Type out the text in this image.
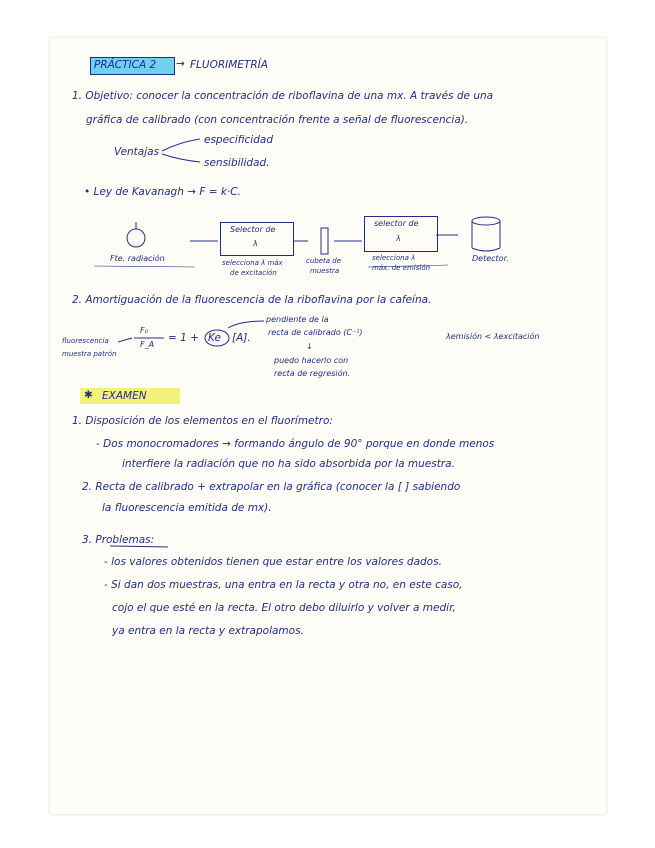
PRÁCTICA 2 → FLUORIMETRÍA
1. Objetivo: conocer la concentración de riboflavina de una mx. A través de una
gráfica de calibrado (con concentración frente a señal de fluorescencia).
Ventajas
especificidad
sensibilidad.
• Ley de Kavanagh → F = k·C.
Selector de
λ
selector de
λ
Fte. radiación	selecciona λ máx
de excitación
cubeta de
muestra
selecciona λ
máx. de emisión
Detector.
2. Amortiguación de la fluorescencia de la riboflavina por la cafeína.
fluorescencia
muestra patrón
F₀
F_A
= 1 + Ke [A].
pendiente de la
recta de calibrado (C⁻¹)
↓
puedo hacerlo con
recta de regresión.
λemisión < λexcitación
✱ EXAMEN
1. Disposición de los elementos en el fluorímetro:
- Dos monocromadores → formando ángulo de 90° porque en donde menos
interfiere la radiación que no ha sido absorbida por la muestra.
2. Recta de calibrado + extrapolar en la gráfica (conocer la [ ] sabiendo
la fluorescencia emitida de mx).
3. Problemas:
- los valores obtenidos tienen que estar entre los valores dados.
- Si dan dos muestras, una entra en la recta y otra no, en este caso,
cojo el que esté en la recta. El otro debo diluirlo y volver a medir,
ya entra en la recta y extrapolamos.
